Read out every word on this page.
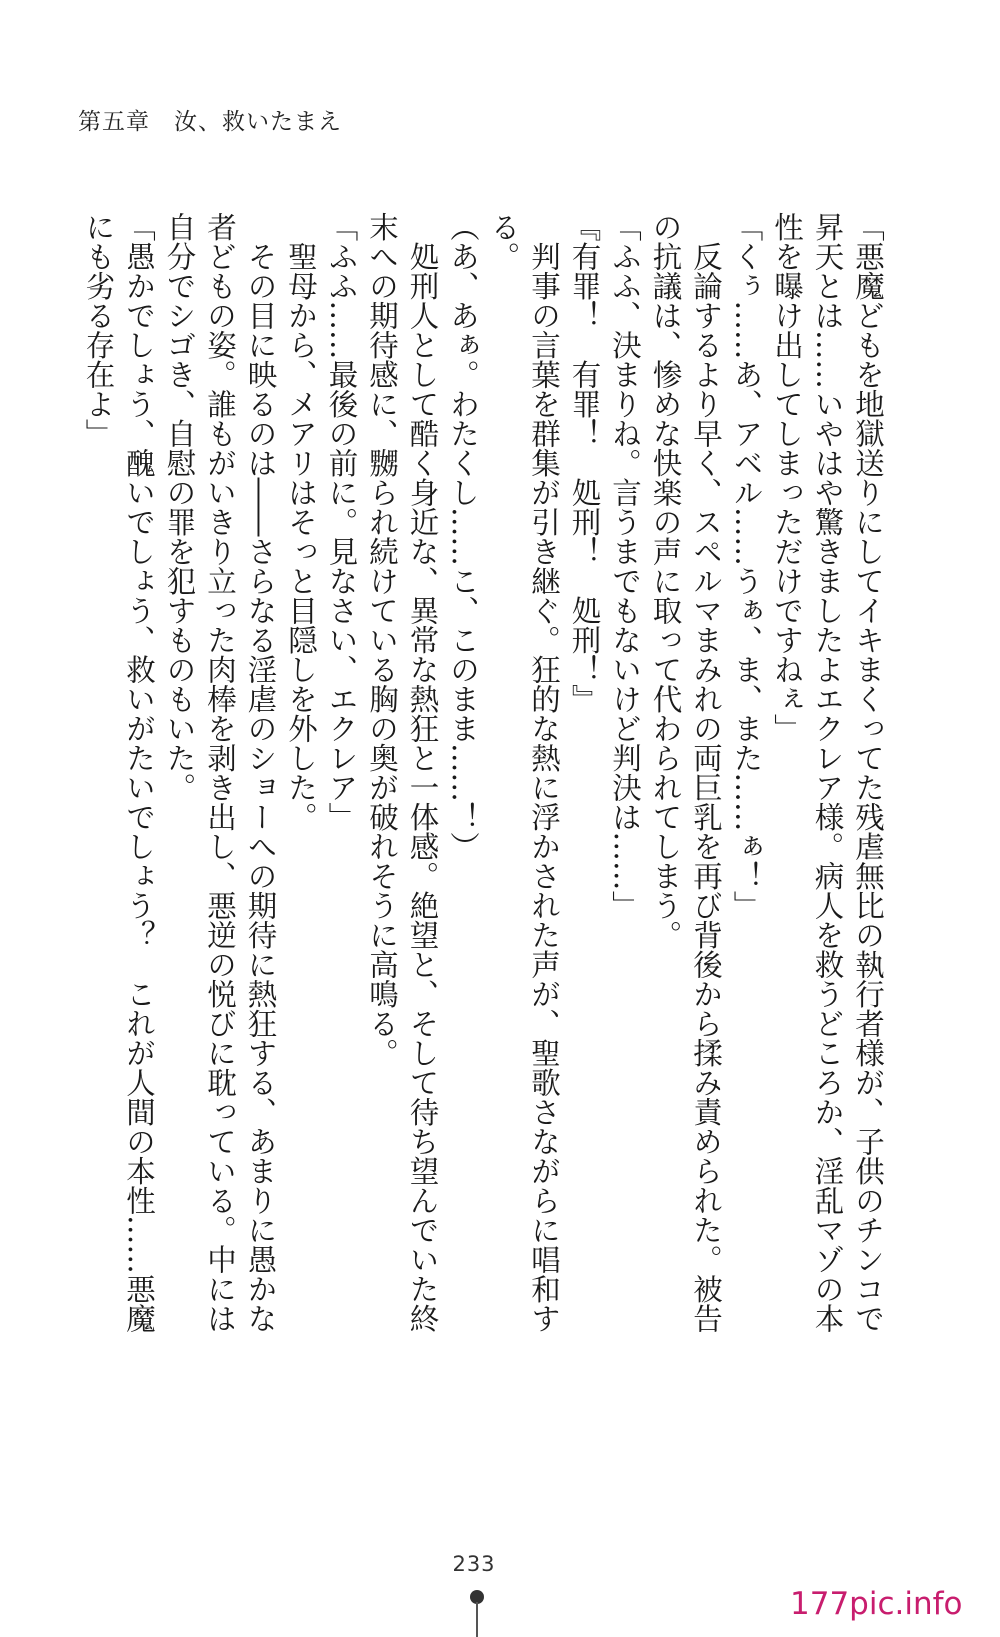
第五章　汝、救いたまえ

「悪魔どもを地獄送りにしてイキまくってた残虐無比の執行者様が、子供のチンコで昇天とは……いやはや驚きましたよエクレア様。病人を救うどころか、淫乱マゾの本性を曝け出してしまっただけですねぇ」

「くぅ……あ、アベル……うぁ、ま、また……ぁ！」

　反論するより早く、スペルマまみれの両巨乳を再び背後から揉み責められた。被告の抗議は、惨めな快楽の声に取って代わられてしまう。

「ふふ、決まりね。言うまでもないけど判決は……」

『有罪！　有罪！　処刑！　処刑！』

　判事の言葉を群集が引き継ぐ。狂的な熱に浮かされた声が、聖歌さながらに唱和する。

（あ、あぁ。わたくし……こ、このまま……！）

　処刑人として酷く身近な、異常な熱狂と一体感。絶望と、そして待ち望んでいた終末への期待感に、嬲られ続けている胸の奥が破れそうに高鳴る。

「ふふ……最後の前に。見なさい、エクレア」

　聖母から、メアリはそっと目隠しを外した。

　その目に映るのは――さらなる淫虐のショーへの期待に熱狂する、あまりに愚かな者どもの姿。誰もがいきり立った肉棒を剥き出し、悪逆の悦びに耽っている。中には自分でシゴき、自慰の罪を犯すものもいた。

「愚かでしょう、醜いでしょう、救いがたいでしょう？　これが人間の本性……悪魔にも劣る存在よ」

233
177pic.info
